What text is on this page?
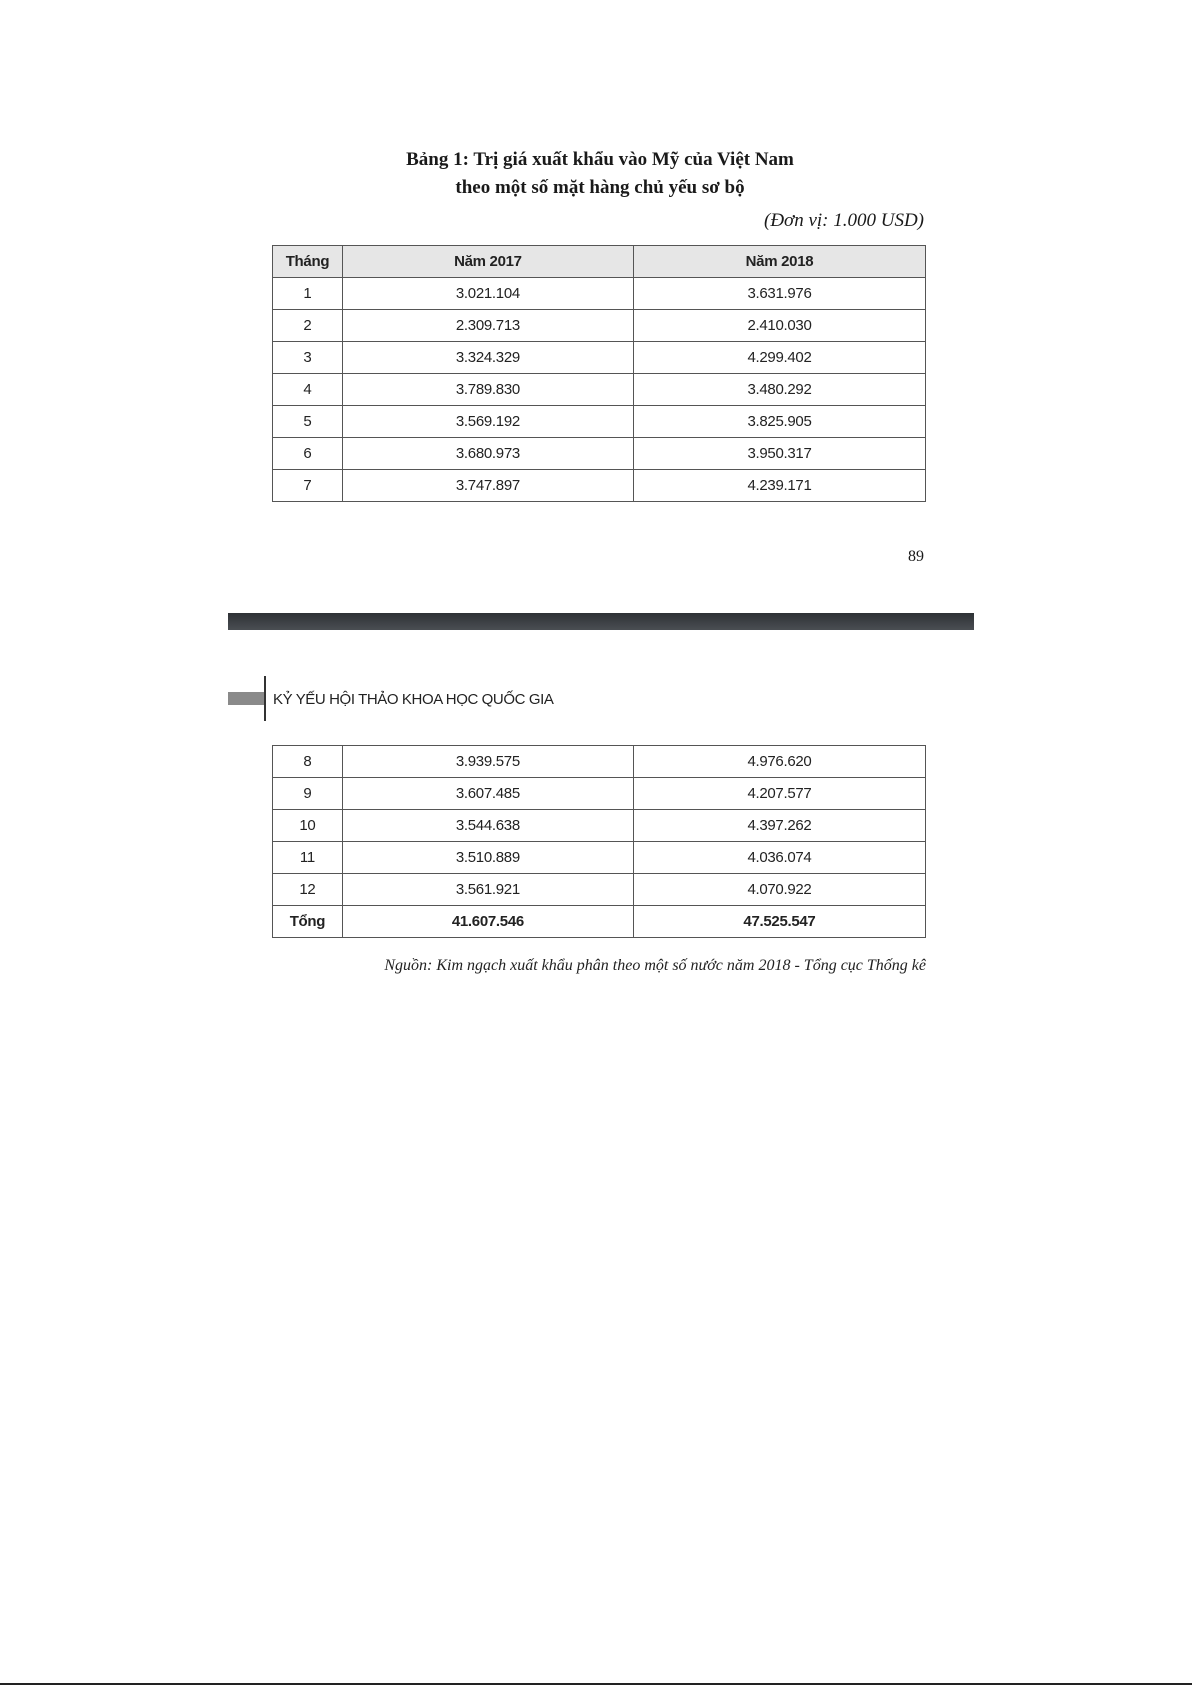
Bảng 1: Trị giá xuất khẩu vào Mỹ của Việt Nam
theo một số mặt hàng chủ yếu sơ bộ
(Đơn vị: 1.000 USD)
Tháng	Năm 2017	Năm 2018
1	3.021.104	3.631.976
2	2.309.713	2.410.030
3	3.324.329	4.299.402
4	3.789.830	3.480.292
5	3.569.192	3.825.905
6	3.680.973	3.950.317
7	3.747.897	4.239.171
89
KỶ YẾU HỘI THẢO KHOA HỌC QUỐC GIA
8	3.939.575	4.976.620
9	3.607.485	4.207.577
10	3.544.638	4.397.262
11	3.510.889	4.036.074
12	3.561.921	4.070.922
Tổng	41.607.546	47.525.547
Nguồn: Kim ngạch xuất khẩu phân theo một số nước năm 2018 - Tổng cục Thống kê
